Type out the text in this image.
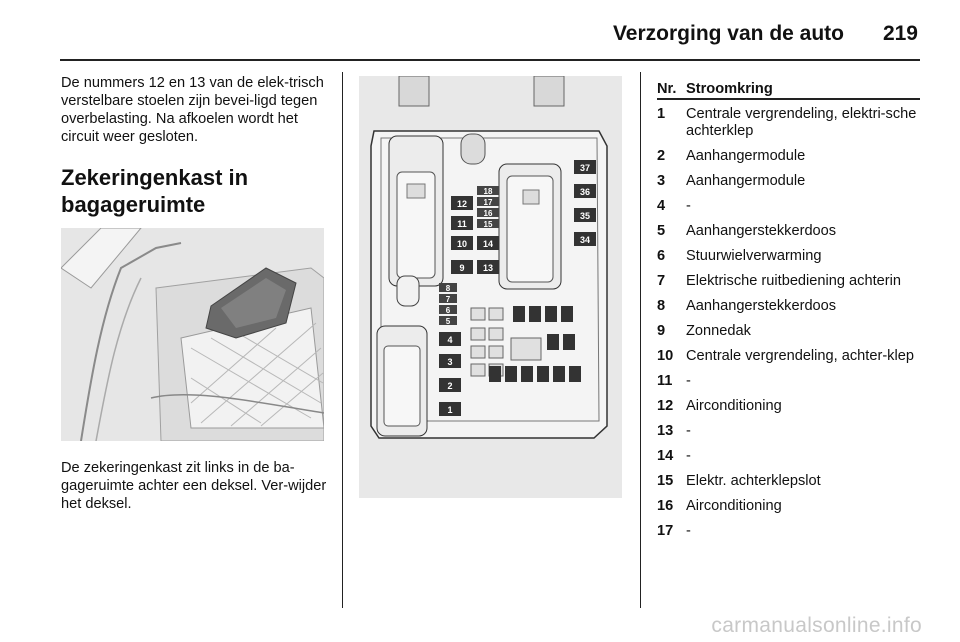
Verzorging van de auto 219

De nummers 12 en 13 van de elek-trisch verstelbare stoelen zijn bevei-ligd tegen overbelasting. Na afkoelen wordt het circuit weer gesloten.

Zekeringenkast in bagageruimte

De zekeringenkast zit links in de ba-gageruimte achter een deksel. Ver-wijder het deksel.

12
11
10
9
18
17
16
15
14
13
37
36
35
34
8
7
6
5
4
3
2
1
Nr. Stroomkring
1	Centrale vergrendeling, elektri-sche achterklep
2	Aanhangermodule
3	Aanhangermodule
4	-
5	Aanhangerstekkerdoos
6	Stuurwielverwarming
7	Elektrische ruitbediening achterin
8	Aanhangerstekkerdoos
9	Zonnedak
10 Centrale vergrendeling, achter-klep
11 -
12 Airconditioning
13 -
14 -
15 Elektr. achterklepslot
16 Airconditioning
17 -
carmanualsonline.info
